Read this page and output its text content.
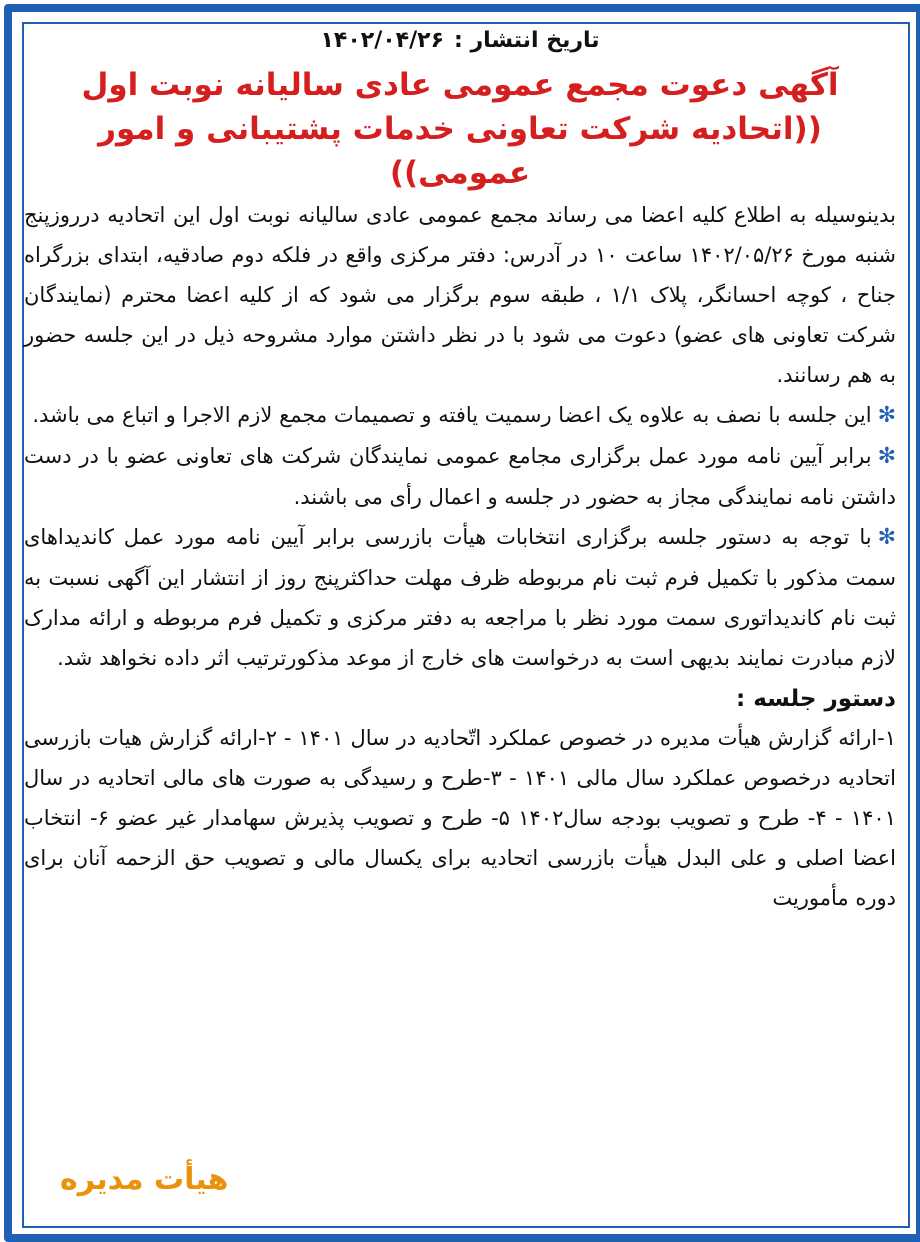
تاریخ انتشار :
۱۴۰۲/۰۴/۲۶
آگهی دعوت مجمع عمومی عادی سالیانه نوبت اول
((اتحادیه شرکت تعاونی خدمات پشتیبانی و امور عمومی))

بدینوسیله به اطلاع کلیه اعضا می رساند مجمع عمومی عادی سالیانه نوبت اول این اتحادیه درروزپنج شنبه مورخ ۱۴۰۲/۰۵/۲۶ ساعت ۱۰ در آدرس: دفتر مرکزی واقع در فلکه دوم صادقیه، ابتدای بزرگراه جناح ، کوچه احسانگر، پلاک ۱/۱ ، طبقه سوم برگزار می شود که از کلیه اعضا محترم (نمایندگان شرکت تعاونی های عضو) دعوت می شود با در نظر داشتن موارد مشروحه ذیل در این جلسه حضور به هم رسانند.

✻این جلسه با نصف به علاوه یک اعضا رسمیت یافته و تصمیمات مجمع لازم الاجرا و اتباع می باشد.

✻برابر آیین نامه مورد عمل برگزاری مجامع عمومی نمایندگان شرکت های تعاونی عضو با در دست داشتن نامه نمایندگی مجاز به حضور در جلسه و اعمال رأی می باشند.

✻با توجه به دستور جلسه برگزاری انتخابات هیأت بازرسی برابر آیین نامه مورد عمل کاندیداهای سمت مذکور با تکمیل فرم ثبت نام مربوطه ظرف مهلت حداکثرپنج روز از انتشار این آگهی نسبت به ثبت نام کاندیداتوری سمت مورد نظر با مراجعه به دفتر مرکزی و تکمیل فرم مربوطه و ارائه مدارک لازم مبادرت نمایند بدیهی است به درخواست های خارج از موعد مذکورترتیب اثر داده نخواهد شد.

دستور جلسه :

۱-ارائه گزارش هیأت مدیره در خصوص عملکرد اتّحادیه در سال ۱۴۰۱ - ۲-ارائه گزارش هیات بازرسی اتحادیه درخصوص عملکرد سال مالی ۱۴۰۱ - ۳-طرح و رسیدگی به صورت های مالی اتحادیه در سال ۱۴۰۱ - ۴- طرح و تصویب بودجه سال۱۴۰۲ ۵- طرح و تصویب پذیرش سهامدار غیر عضو ۶- انتخاب اعضا اصلی و علی البدل هیأت بازرسی اتحادیه برای یکسال مالی و تصویب حق الزحمه آنان برای دوره مأموریت

هیأت مدیره
